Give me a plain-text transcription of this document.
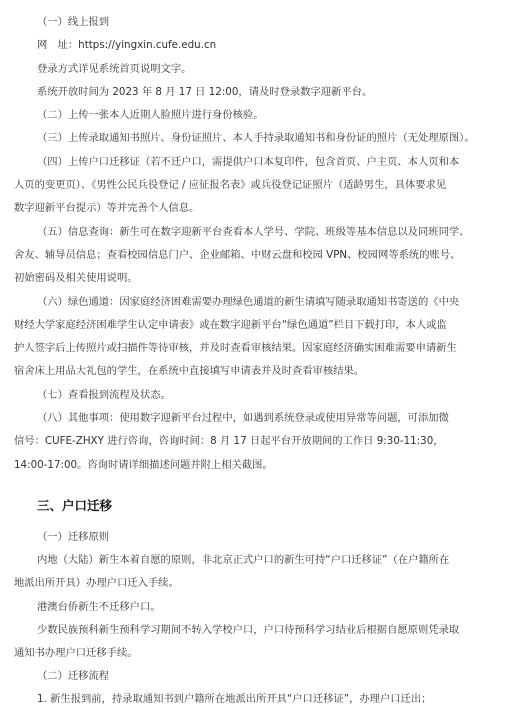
（一）线上报到
网　址：https://yingxin.cufe.edu.cn
登录方式详见系统首页说明文字。
系统开放时间为 2023 年 8 月 17 日 12:00，请及时登录数字迎新平台。
（二）上传一张本人近期人脸照片进行身份核验。
（三）上传录取通知书照片、身份证照片、本人手持录取通知书和身份证的照片（无处理原图）。
（四）上传户口迁移证（若不迁户口，需提供户口本复印件，包含首页、户主页、本人页和本
人页的变更页）、《男性公民兵役登记 / 应征报名表》或兵役登记证照片（适龄男生，具体要求见
数字迎新平台提示）等并完善个人信息。
（五）信息查询：新生可在数字迎新平台查看本人学号、学院、班级等基本信息以及同班同学、
舍友、辅导员信息；查看校园信息门户、企业邮箱、中财云盘和校园 VPN、校园网等系统的账号、
初始密码及相关使用说明。
（六）绿色通道：因家庭经济困难需要办理绿色通道的新生请填写随录取通知书寄送的《中央
财经大学家庭经济困难学生认定申请表》或在数字迎新平台“绿色通道”栏目下载打印，本人或监
护人签字后上传照片或扫描件等待审核，并及时查看审核结果。因家庭经济确实困难需要申请新生
宿舍床上用品大礼包的学生，在系统中直接填写申请表并及时查看审核结果。
（七）查看报到流程及状态。
（八）其他事项：使用数字迎新平台过程中，如遇到系统登录或使用异常等问题，可添加微
信号：CUFE-ZHXY 进行咨询，咨询时间：8 月 17 日起平台开放期间的工作日 9:30-11:30，
14:00-17:00。咨询时请详细描述问题并附上相关截图。
三、户口迁移
（一）迁移原则
内地（大陆）新生本着自愿的原则，非北京正式户口的新生可持“户口迁移证”（在户籍所在
地派出所开具）办理户口迁入手续。
港澳台侨新生不迁移户口。
少数民族预科新生预科学习期间不转入学校户口，户口待预科学习结业后根据自愿原则凭录取
通知书办理户口迁移手续。
（二）迁移流程
1. 新生报到前，持录取通知书到户籍所在地派出所开具“户口迁移证”，办理户口迁出；
